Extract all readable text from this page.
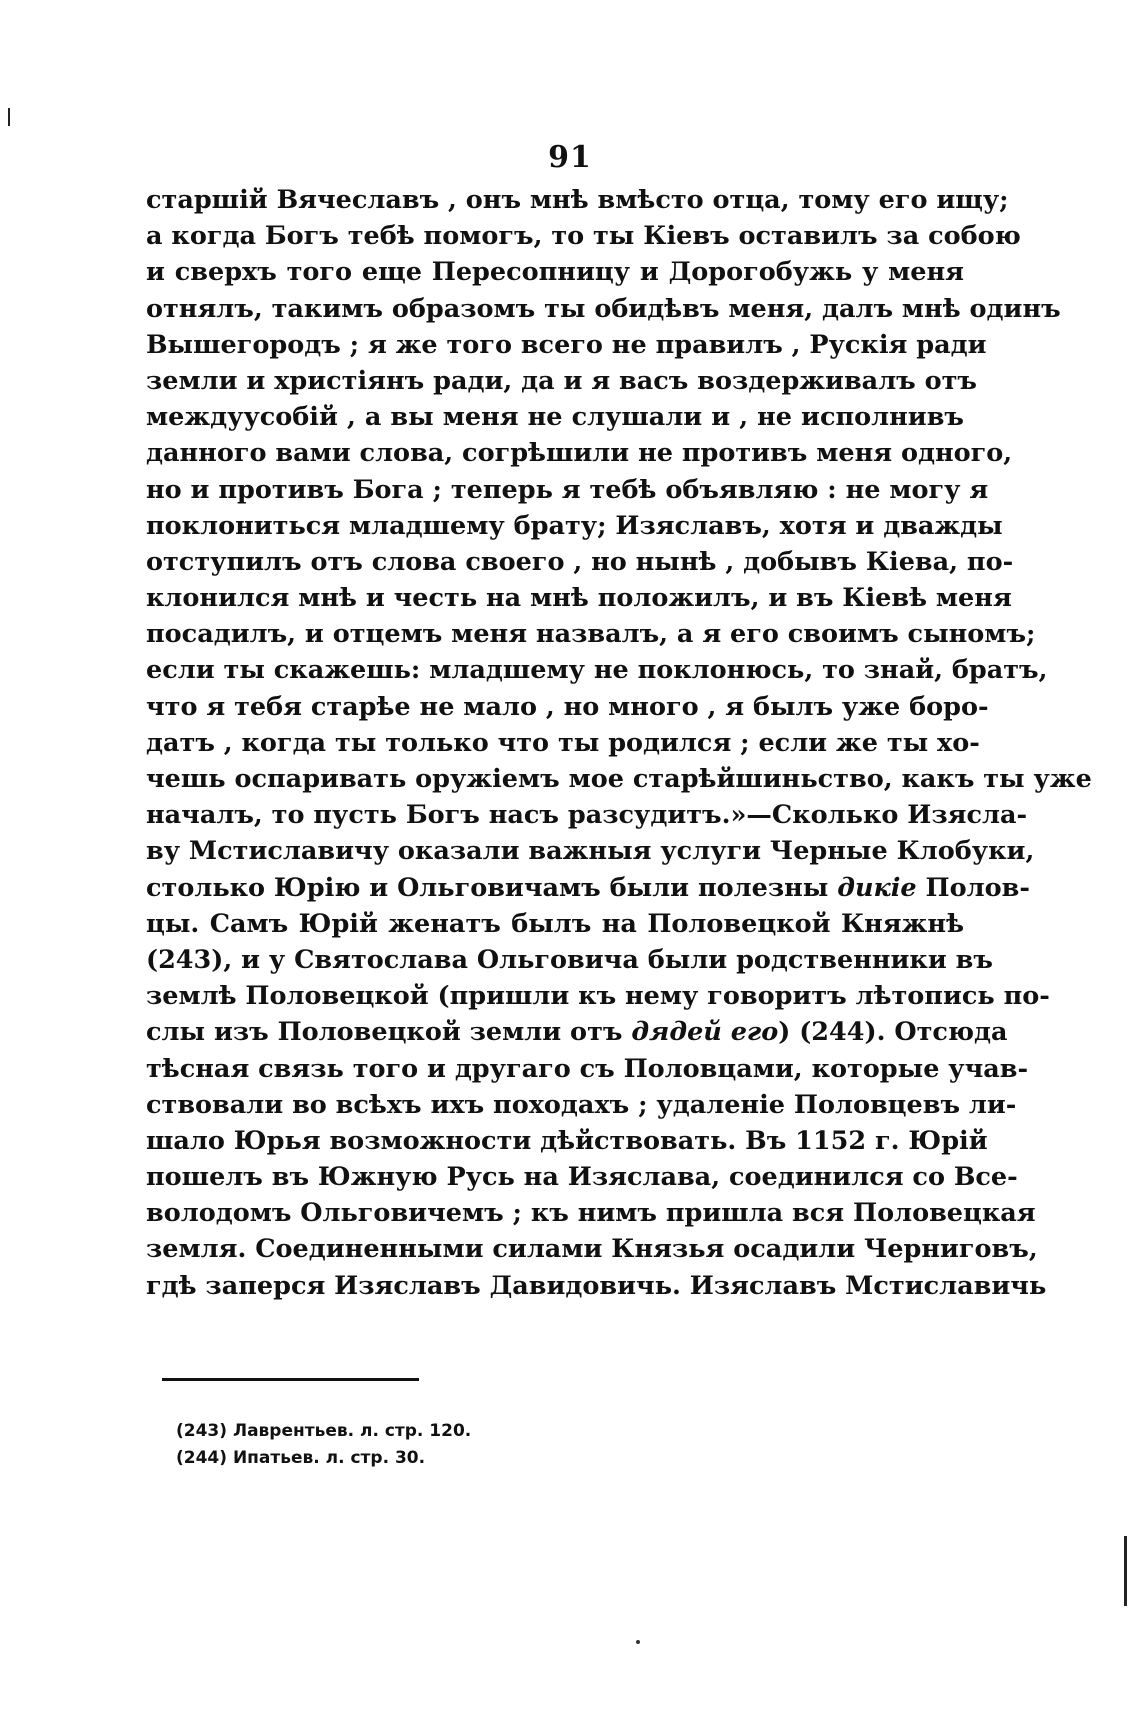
91
старшій Вячеславъ , онъ мнѣ вмѣсто отца, тому его ищу;
а когда Богъ тебѣ помогъ, то ты Кіевъ оставилъ за собою
и сверхъ того еще Пересопницу и Дорогобужь у меня
отнялъ, такимъ образомъ ты обидѣвъ меня, далъ мнѣ одинъ
Вышегородъ ; я же того всего не правилъ , Рускія ради
земли и христіянъ ради, да и я васъ воздерживалъ отъ
междуусобій , а вы меня не слушали и , не исполнивъ
данного вами слова, согрѣшили не противъ меня одного,
но и противъ Бога ; теперь я тебѣ объявляю : не могу я
поклониться младшему брату; Изяславъ, хотя и дважды
отступилъ отъ слова своего , но нынѣ , добывъ Кіева, по-
клонился мнѣ и честь на мнѣ положилъ, и въ Кіевѣ меня
посадилъ, и отцемъ меня назвалъ, а я его своимъ сыномъ;
если ты скажешь: младшему не поклонюсь, то знай, братъ,
что я тебя старѣе не мало , но много , я былъ уже боро-
датъ , когда ты только что ты родился ; если же ты хо-
чешь оспаривать оружіемъ мое старѣйшиньство, какъ ты уже
началъ, то пусть Богъ насъ разсудитъ.»—Сколько Изясла-
ву Мстиславичу оказали важныя услуги Черные Клобуки,
столько Юрію и Ольговичамъ были полезны дикіе Полов-
цы. Самъ Юрій женатъ былъ на Половецкой Княжнѣ
(243), и у Святослава Ольговича были родственники въ
землѣ Половецкой (пришли къ нему говоритъ лѣтопись по-
слы изъ Половецкой земли отъ дядей его) (244). Отсюда
тѣсная связь того и другаго съ Половцами, которые учав-
ствовали во всѣхъ ихъ походахъ ; удаленіе Половцевъ ли-
шало Юрья возможности дѣйствовать. Въ 1152 г. Юрій
пошелъ въ Южную Русь на Изяслава, соединился со Все-
володомъ Ольговичемъ ; къ нимъ пришла вся Половецкая
земля. Соединенными силами Князья осадили Черниговъ,
гдѣ заперся Изяславъ Давидовичь. Изяславъ Мстиславичь
(243) Лаврентьев. л. стр. 120.
(244) Ипатьев. л. стр. 30.
